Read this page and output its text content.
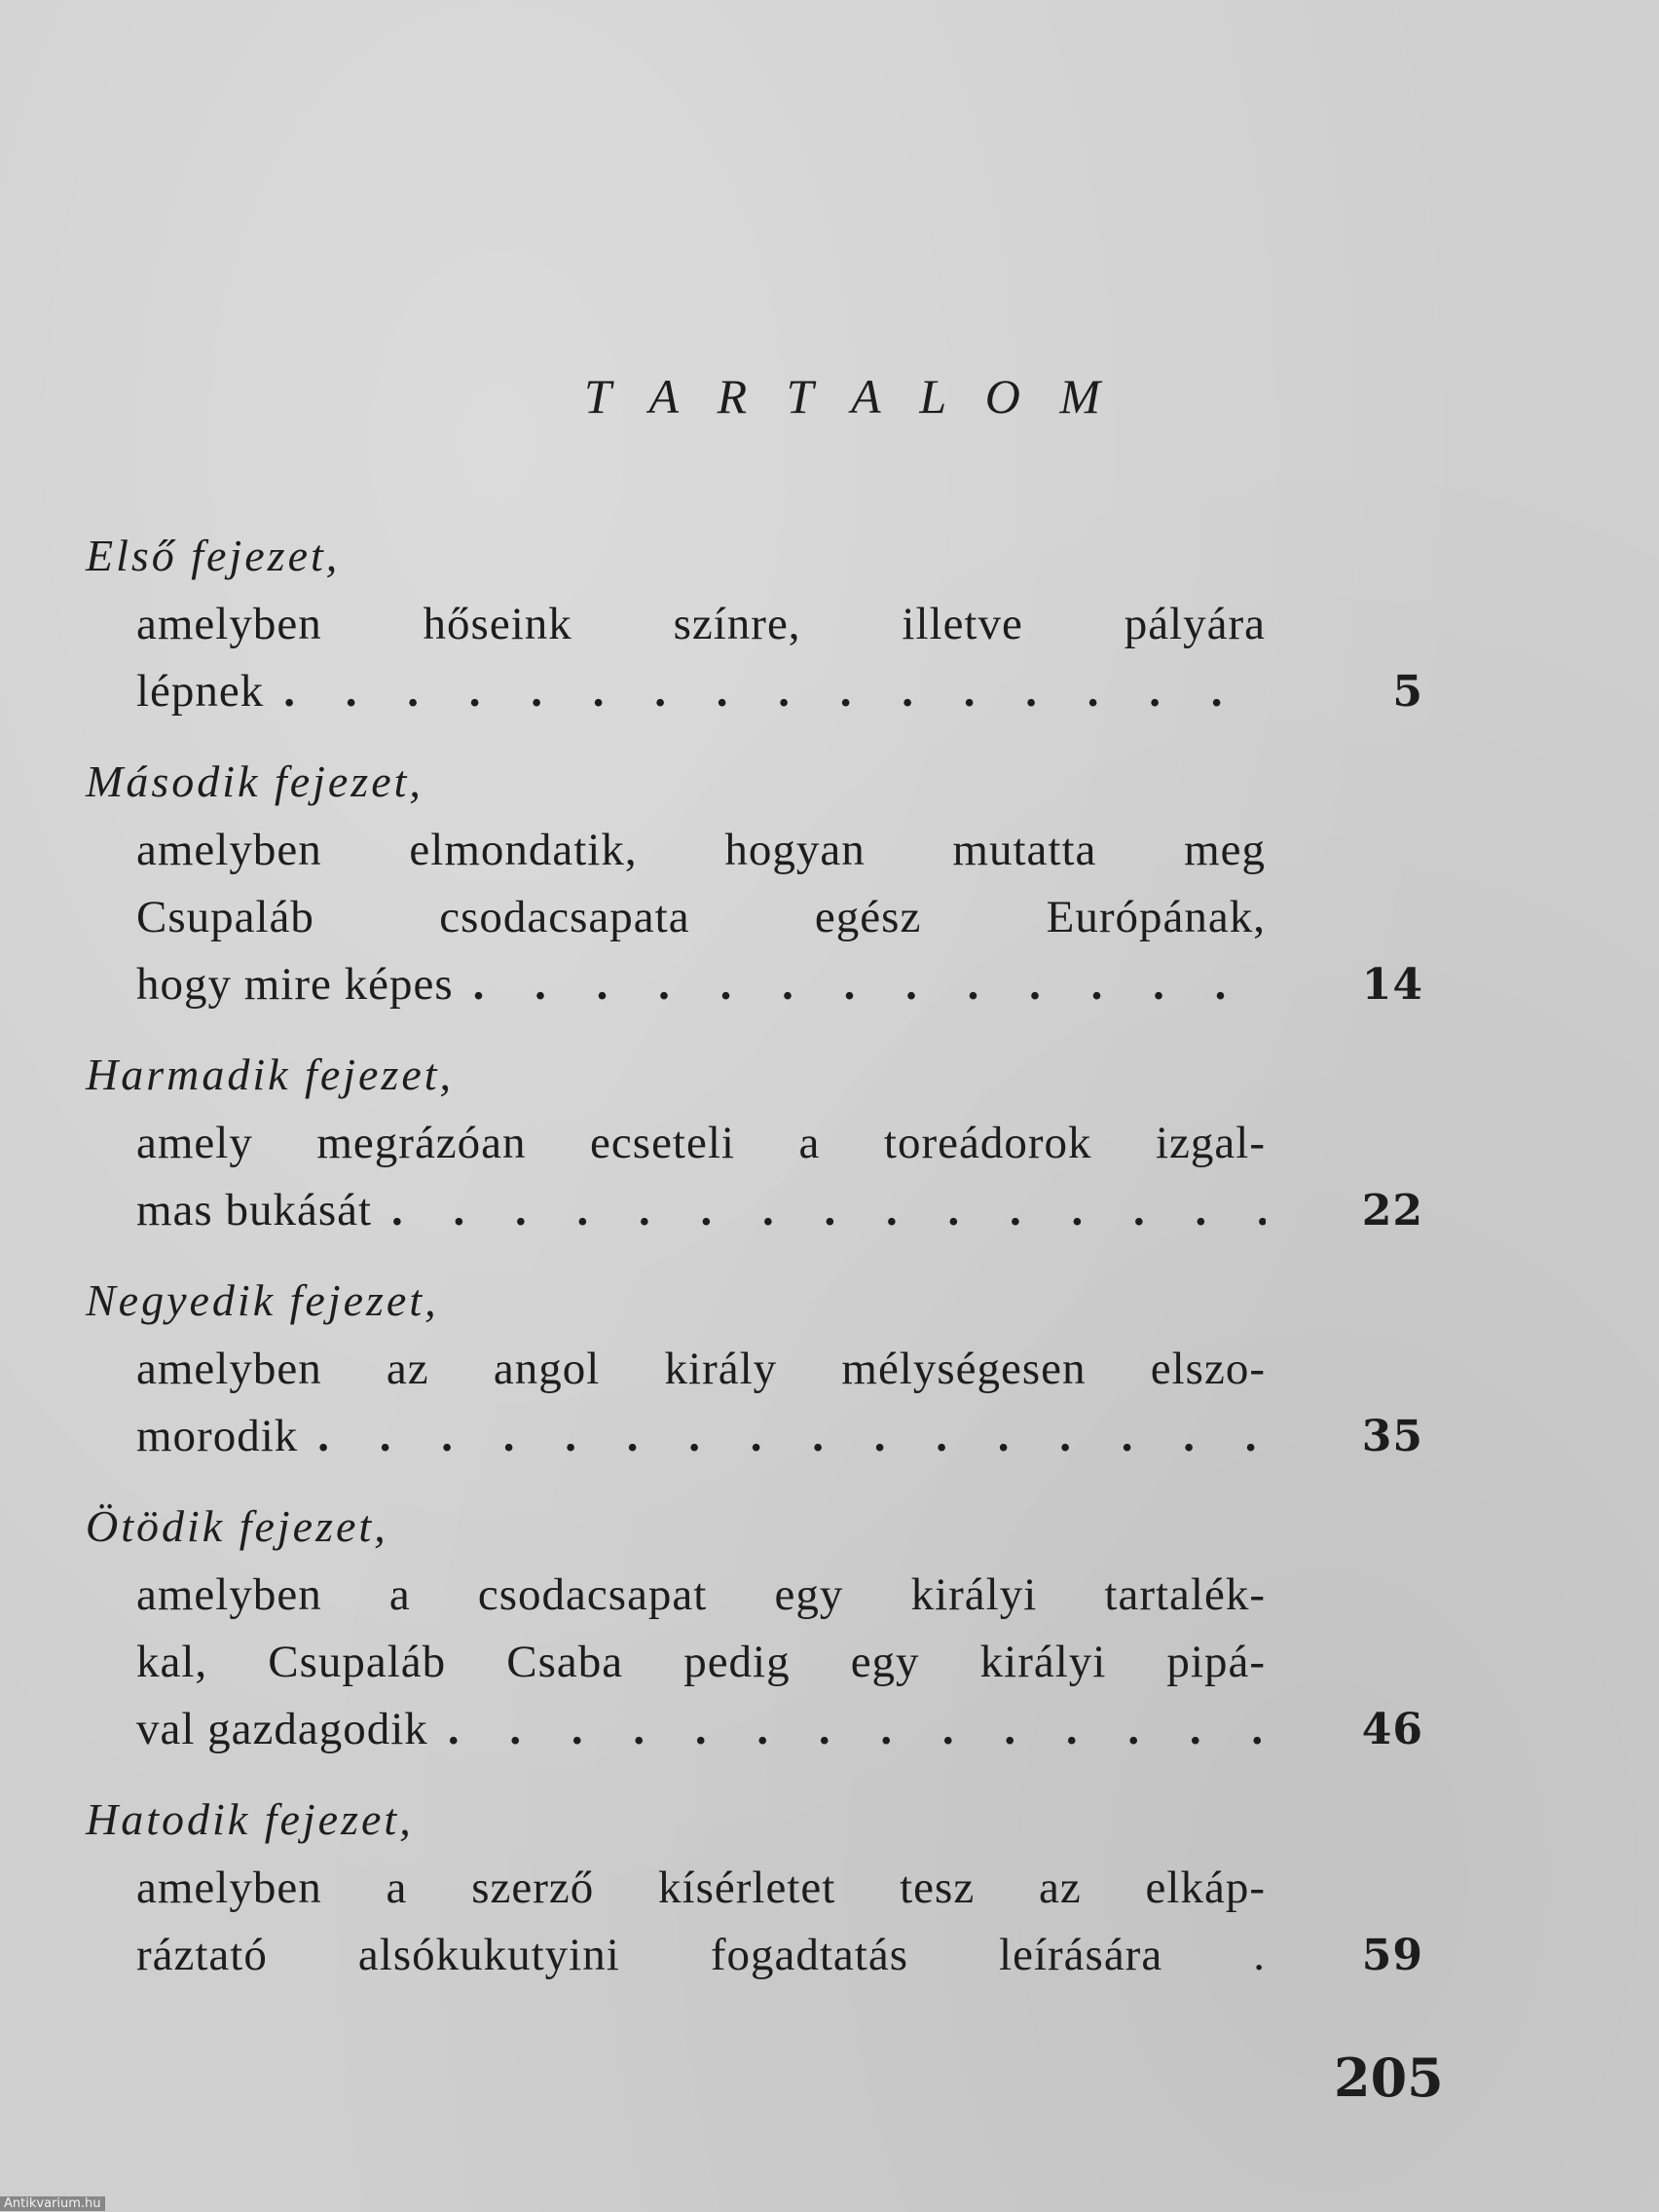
T A R T A L O M
Első fejezet,
amelyben hőseink színre, illetve pályára
lépnek . . .	5
Második fejezet,
amelyben elmondatik, hogyan mutatta meg
Csupaláb csodacsapata egész Európának,
hogy mire képes . . .	14
Harmadik fejezet,
amely megrázóan ecseteli a toreádorok izgal-
mas bukását . . .	22
Negyedik fejezet,
amelyben az angol király mélységesen elszo-
morodik . . .	35
Ötödik fejezet,
amelyben a csodacsapat egy királyi tartalék-
kal, Csupaláb Csaba pedig egy királyi pipá-
val gazdagodik . . .	46
Hatodik fejezet,
amelyben a szerző kísérletet tesz az elkáp-
ráztató alsókukutyini fogadtatás leírására .	59
205
Antikvarium.hu
